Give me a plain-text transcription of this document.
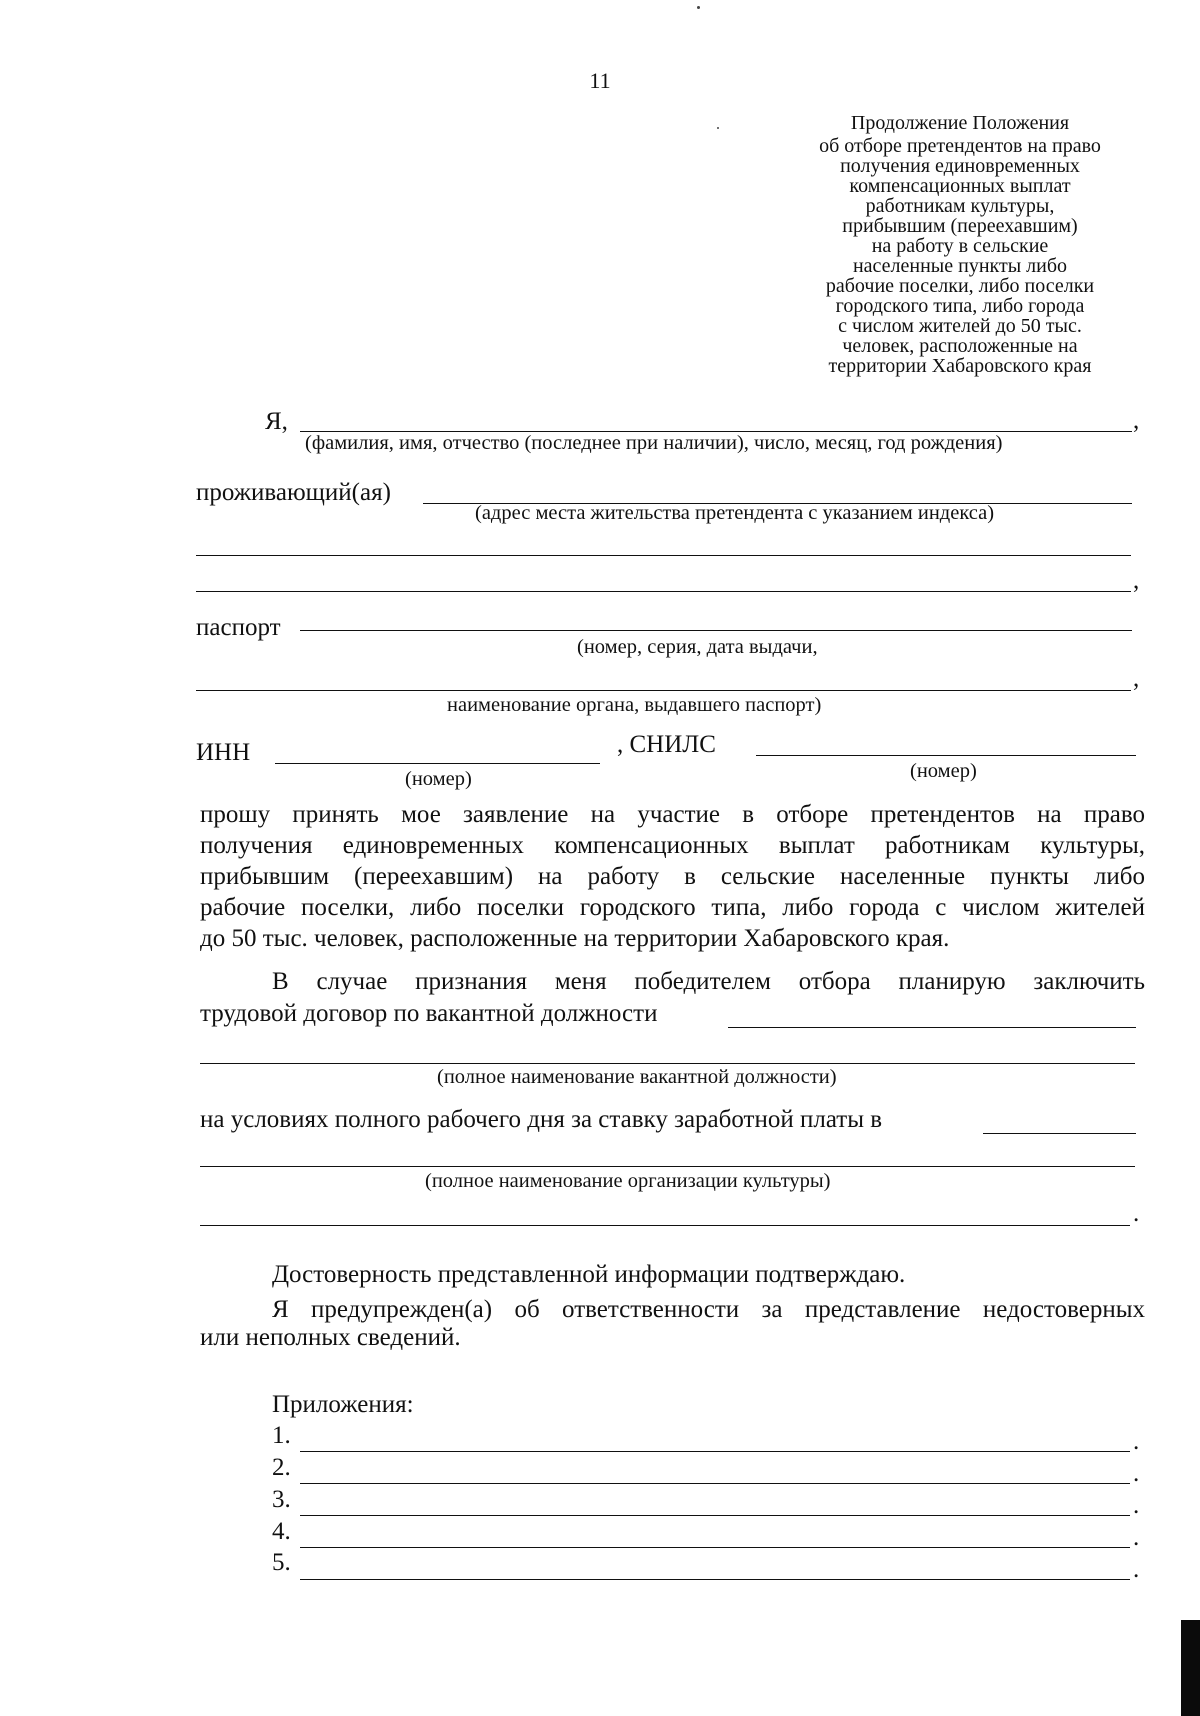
11
Продолжение Положения
об отборе претендентов на право
получения единовременных
компенсационных выплат
работникам культуры,
прибывшим (переехавшим)
на работу в сельские
населенные пункты либо
рабочие поселки, либо поселки
городского типа, либо города
с числом жителей до 50 тыс.
человек, расположенные на
территории Хабаровского края
Я,	,
(фамилия, имя, отчество (последнее при наличии), число, месяц, год рождения)
проживающий(ая)
(адрес места жительства претендента с указанием индекса)
,
паспорт
(номер, серия, дата выдачи,
,
наименование органа, выдавшего паспорт)
ИНН
(номер)
, СНИЛС
(номер)
прошу принять мое заявление на участие в отборе претендентов на право
получения единовременных компенсационных выплат работникам культуры,
прибывшим (переехавшим) на работу в сельские населенные пункты либо
рабочие поселки, либо поселки городского типа, либо города с числом жителей
до 50 тыс. человек, расположенные на территории Хабаровского края.
В случае признания меня победителем отбора планирую заключить
трудовой договор по вакантной должности
(полное наименование вакантной должности)
на условиях полного рабочего дня за ставку заработной платы в
(полное наименование организации культуры)
.
Достоверность представленной информации подтверждаю.
Я предупрежден(а) об ответственности за представление недостоверных
или неполных сведений.
Приложения:
1.	.
2.	.
3.	.
4.	.
5.	.
